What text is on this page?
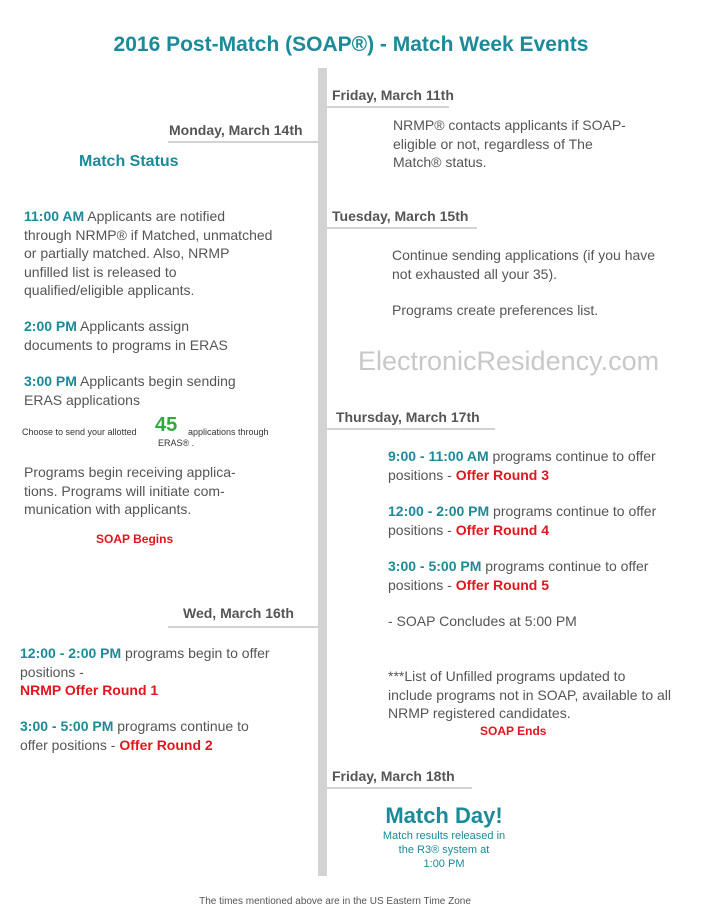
2016 Post-Match (SOAP®) - Match Week Events
Friday, March 11th
NRMP® contacts applicants if SOAP-eligible or not, regardless of The Match® status.
Monday, March 14th
Match Status
11:00 AM Applicants are notified through NRMP® if Matched, unmatched or partially matched. Also, NRMP unfilled list is released to qualified/eligible applicants.
2:00 PM Applicants assign documents to programs in ERAS
3:00 PM Applicants begin sending ERAS applications
Choose to send your allotted 45 applications through
ERAS® .
Programs begin receiving applica-tions. Programs will initiate com-munication with applicants.
SOAP Begins
Tuesday, March 15th
Continue sending applications (if you have not exhausted all your 35).
Programs create preferences list.
ElectronicResidency.com
Thursday, March 17th
9:00 - 11:00 AM programs continue to offer positions - Offer Round 3
12:00 - 2:00 PM programs continue to offer positions - Offer Round 4
3:00 - 5:00 PM programs continue to offer positions - Offer Round 5
- SOAP Concludes at 5:00 PM
***List of Unfilled programs updated to include programs not in SOAP, available to all NRMP registered candidates.
SOAP Ends
Wed, March 16th
12:00 - 2:00 PM programs begin to offer positions -
NRMP Offer Round 1
3:00 - 5:00 PM programs continue to offer positions - Offer Round 2
Friday, March 18th
Match Day!
Match results released in
the R3® system at
1:00 PM
The times mentioned above are in the US Eastern Time Zone
